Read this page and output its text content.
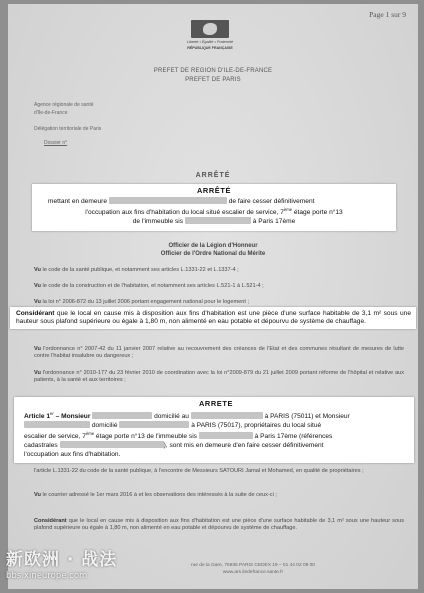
Page 1 sur 9
Liberté • Égalité • Fraternité
RÉPUBLIQUE FRANÇAISE
PREFET DE REGION D'ILE-DE-FRANCE
PREFET DE PARIS
Agence régionale de santé
d'Ile-de-France
Délégation territoriale de Paris
Dossier n°
ARRÊTÉ
ARRÊTÉ
mettant en demeure	de faire cesser définitivement
l'occupation aux fins d'habitation du local situé escalier de service, 7ème étage porte n°13
de l'immeuble sis	à Paris 17ème
Officier de la Légion d'Honneur
Officier de l'Ordre National du Mérite
Vu le code de la santé publique, et notamment ses articles L.1331-22 et L.1337-4 ;
Vu le code de la construction et de l'habitation, et notamment ses articles L.521-1 à L.521-4 ;
Vu la loi n° 2006-872 du 13 juillet 2006 portant engagement national pour le logement ;
Considérant que le local en cause mis à disposition aux fins d'habitation est une pièce d'une surface habitable de 3,1 m² sous une hauteur sous plafond supérieure ou égale à 1,80 m, non alimenté en eau potable et dépourvu de système de chauffage.
Vu l'ordonnance n° 2007-42 du 11 janvier 2007 relative au recouvrement des créances de l'Etat et des communes résultant de mesures de lutte contre l'habitat insalubre ou dangereux ;
Vu l'ordonnance n° 2010-177 du 23 février 2010 de coordination avec la loi n°2009-879 du 21 juillet 2009 portant réforme de l'hôpital et relative aux patients, à la santé et aux territoires ;
ARRETE
Article 1er – Monsieur	domicilié au	à PARIS (75011) et Monsieur
domicilié	à PARIS (75017), propriétaires du local situé
escalier de service, 7ème étage porte n°13 de l'immeuble sis	à Paris 17ème (références
cadastrales	), sont mis en demeure d'en faire cesser définitivement
l'occupation aux fins d'habitation.
l'article L.1331-22 du code de la santé publique, à l'encontre de Messieurs SATOURI Jamal et Mohamed, en qualité de propriétaires ;
Vu le courrier adressé le 1er mars 2016 à et les observations des intéressés à la suite de ceux-ci ;
Considérant que le local en cause mis à disposition aux fins d'habitation est une pièce d'une surface habitable de 3,1 m² sous une hauteur sous plafond supérieure ou égale à 1,80 m, non alimenté en eau potable et dépourvu de système de chauffage.
rue de la Gare, 75935 PARIS CEDEX 19 – 01 44 02 09 00
www.ars.iledefrance.sante.fr
新欧洲 · 战法
bbs.xineurope.com
